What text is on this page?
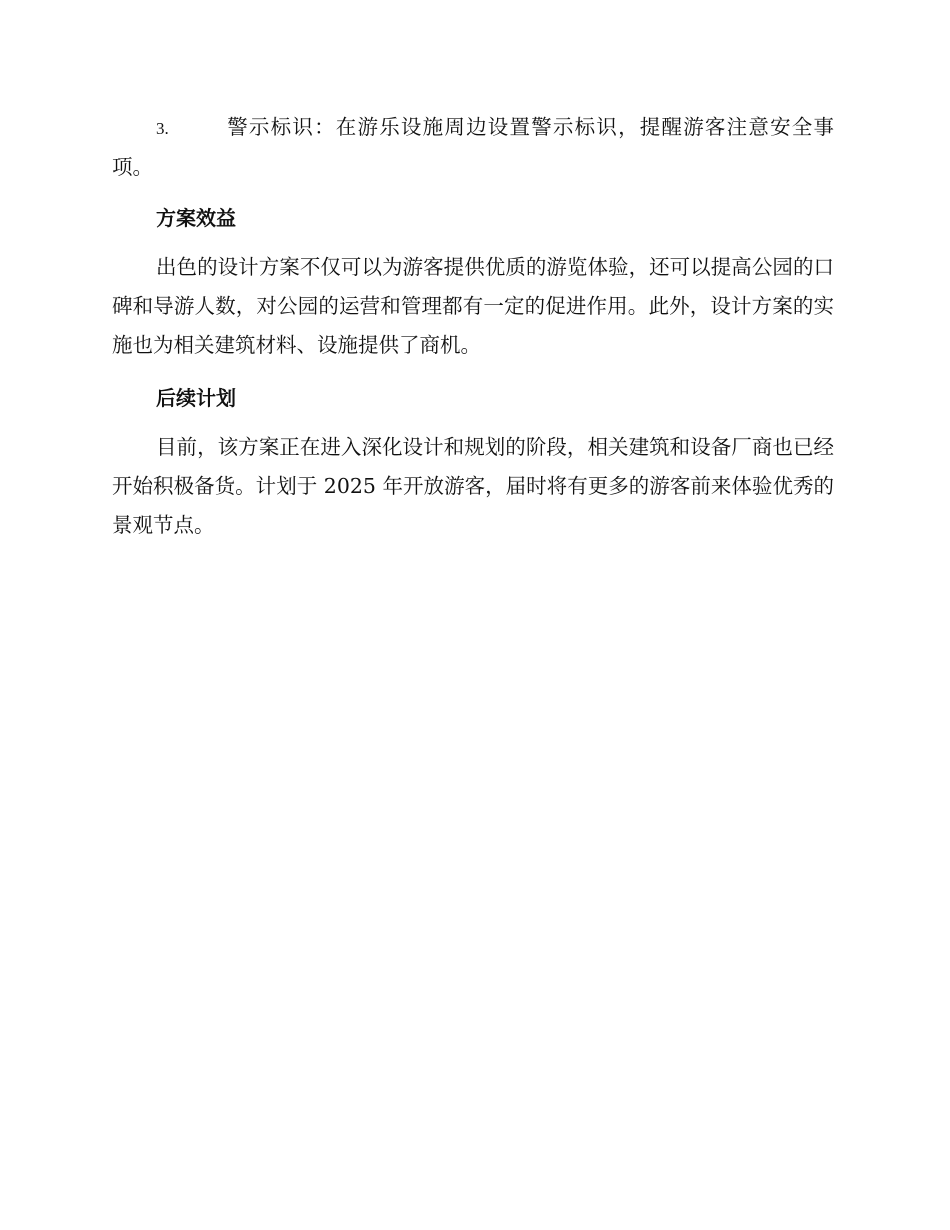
3.	警示标识：在游乐设施周边设置警示标识，提醒游客注意安全事项。

方案效益

出色的设计方案不仅可以为游客提供优质的游览体验，还可以提高公园的口碑和导游人数，对公园的运营和管理都有一定的促进作用。此外，设计方案的实施也为相关建筑材料、设施提供了商机。

后续计划

目前，该方案正在进入深化设计和规划的阶段，相关建筑和设备厂商也已经开始积极备货。计划于 2025 年开放游客，届时将有更多的游客前来体验优秀的景观节点。
